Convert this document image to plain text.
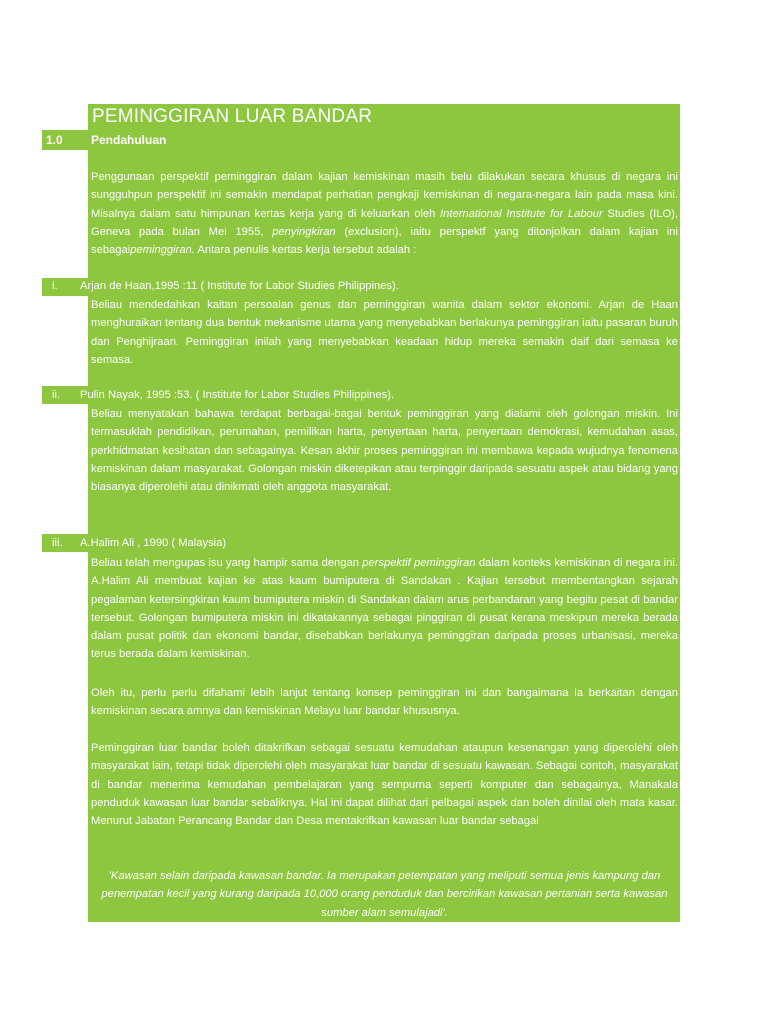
PEMINGGIRAN LUAR BANDAR
1.0 Pendahuluan
Penggunaan perspektif peminggiran dalam kajian kemiskinan masih belu dilakukan secara khusus di negara ini sungguhpun perspektif ini semakin mendapat perhatian pengkaji kemiskinan di negara-negara lain pada masa kini. Misalnya dalam satu himpunan kertas kerja yang di keluarkan oleh International Institute for Labour Studies (ILO), Geneva pada bulan Mei 1955, penyingkiran (exclusion), iaitu perspektf yang ditonjolkan dalam kajian ini sebagaipeminggiran. Antara penulis kertas kerja tersebut adalah :
i. Arjan de Haan,1995 :11 ( Institute for Labor Studies Philippines).
Beliau mendedahkan kaitan persoalan genus dan peminggiran wanita dalam sektor ekonomi. Arjan de Haan menghuraikan tentang dua bentuk mekanisme utama yang menyebabkan berlakunya peminggiran iaitu pasaran buruh dan Penghijraan. Peminggiran inilah yang menyebabkan keadaan hidup mereka semakin daif dari semasa ke semasa.
ii. Pulin Nayak, 1995 :53. ( Institute for Labor Studies Philippines).
Beliau menyatakan bahawa terdapat berbagai-bagai bentuk peminggiran yang dialami oleh golongan miskin. Ini termasuklah pendidikan, perumahan, pemilikan harta, penyertaan harta, penyertaan demokrasi, kemudahan asas, perkhidmatan kesihatan dan sebagainya. Kesan akhir proses peminggiran ini membawa kepada wujudnya fenomena kemiskinan dalam masyarakat. Golongan miskin diketepikan atau terpinggir daripada sesuatu aspek atau bidang yang biasanya diperolehi atau dinikmati oleh anggota masyarakat.
iii. A.Halim Ali , 1990 ( Malaysia)
Beliau telah mengupas isu yang hampir sama dengan perspektif peminggiran dalam konteks kemiskinan di negara ini. A.Halim Ali membuat kajian ke atas kaum bumiputera di Sandakan . Kajian tersebut membentangkan sejarah pegalaman ketersingkiran kaum bumiputera miskin di Sandakan dalam arus perbandaran yang begitu pesat di bandar tersebut. Golongan bumiputera miskin ini dikatakannya sebagai pinggiran di pusat kerana meskipun mereka berada dalam pusat politik dan ekonomi bandar, disebabkan berlakunya peminggiran daripada proses urbanisasi, mereka terus berada dalam kemiskinan.
Oleh itu, perlu perlu difahami lebih lanjut tentang konsep peminggiran ini dan bangaimana ia berkaitan dengan kemiskinan secara amnya dan kemiskinan Melayu luar bandar khususnya.
Peminggiran luar bandar boleh ditakrifkan sebagai sesuatu kemudahan ataupun kesenangan yang diperolehi oleh masyarakat lain, tetapi tidak diperolehi oleh masyarakat luar bandar di sesuatu kawasan. Sebagai contoh, masyarakat di bandar menerima kemudahan pembelajaran yang sempurna seperti komputer dan sebagainya, Manakala penduduk kawasan luar bandar sebaliknya. Hal ini dapat dilihat dari pelbagai aspek dan boleh dinilai oleh mata kasar. Menurut Jabatan Perancang Bandar dan Desa mentakrifkan kawasan luar bandar sebagai
'Kawasan selain daripada kawasan bandar. Ia merupakan petempatan yang meliputi semua jenis kampung dan penempatan kecil yang kurang daripada 10,000 orang penduduk dan bercirikan kawasan pertanian serta kawasan sumber alam semulajadi'.
